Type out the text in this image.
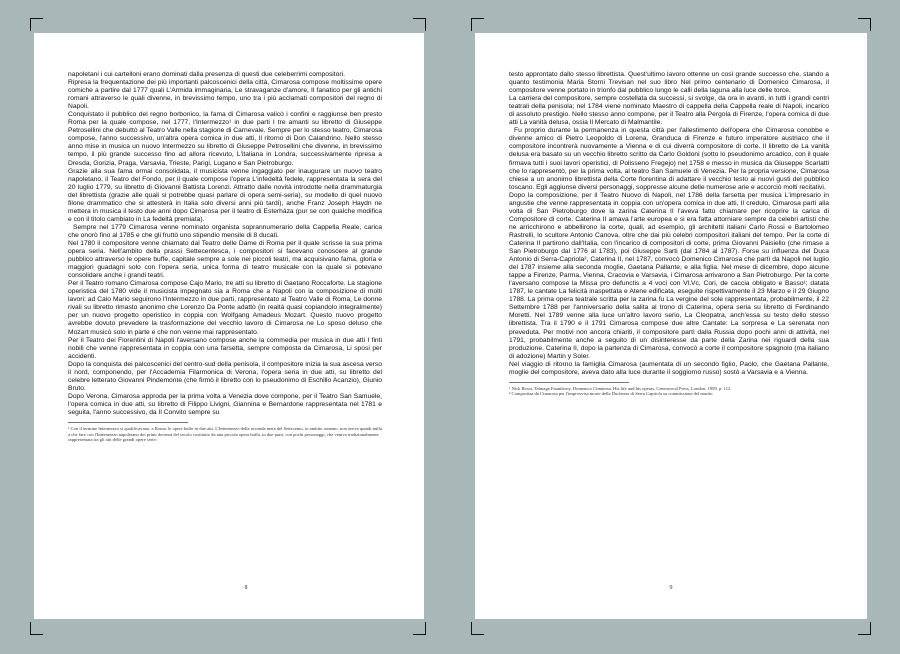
napoletani i cui cartelloni erano dominati dalla presenza di questi due celeberrimi compositori.

Ripresa la frequentazione dei più importanti palcoscenici della città, Cimarosa compose moltissime opere comiche a partire dal 1777 quali L'Armida immaginaria, Le stravaganze d'amore, Il fanatico per gli antichi romani attraverso le quali divenne, in brevissimo tempo, uno tra i più acclamati compositori del regno di Napoli.

Conquistato il pubblico del regno borbonico, la fama di Cimarosa valicò i confini e raggiunse ben presto Roma per la quale compose, nel 1777, l'Intermezzo¹ in due parti I tre amanti su libretto di Giuseppe Petrosellini che debuttò al Teatro Valle nella stagione di Carnevale. Sempre per lo stesso teatro, Cimarosa compose, l'anno successivo, un'altra opera comica in due atti, Il ritorno di Don Calandrino. Nello stesso anno mise in musica un nuovo Intermezzo su libretto di Giuseppe Petrosellini che divenne, in brevissimo tempo, il più grande successo fino ad allora ricevuto, L'italiana in Londra, successivamente ripresa a Dresda, Gorizia, Praga, Varsavia, Trieste, Parigi, Lugano e San Pietroburgo.

Grazie alla sua fama ormai consolidata, il musicista venne ingaggiato per inaugurare un nuovo teatro napoletano, il Teatro del Fondo, per il quale compose l'opera L'infedeltà fedele, rappresentata la sera del 20 luglio 1779, su libretto di Giovanni Battista Lorenzi. Attratto dalle novità introdotte nella drammaturgia del librettista (grazie alle quali si potrebbe quasi parlare di opera semi-seria), su modello di quel nuovo filone drammatico che si attesterà in Italia solo diversi anni più tardi), anche Franz Joseph Haydn ne mettera in musica il testo due anni dopo Cimarosa per il teatro di Esterháza (pur se con qualche modifica e con il titolo cambiato in La fedeltà premiata).

Sempre nel 1779 Cimarosa venne nominato organista soprannumerario della Cappella Reale, carica che onorò fino al 1785 e che gli fruttò uno stipendio mensile di 8 ducati.

Nel 1780 il compositore venne chiamato dal Teatro delle Dame di Roma per il quale scrisse la sua prima opera seria. Nell'ambito della prassi Settecentesca, i compositori si facevano conoscere al grande pubblico attraverso le opere buffe, capitale sempre a sole nei piccoli teatri, ma acquisivano fama, gloria e maggiori guadagni solo con l'opera seria, unica forma di teatro musicale con la quale si potevano consolidare anche i grandi teatri.

Per il Teatro romano Cimarosa compose Cajo Mario, tre atti su libretto di Gaetano Roccaforte. La stagione operistica del 1780 vide il musicista impegnato sia a Roma che a Napoli con la composizione di molti lavori: ad Caio Mario seguirono l'Intermezzo in due parti, rappresentato al Teatro Valle di Roma, Le donne rivali su libretto rimasto anonimo che Lorenzo Da Ponte adattò (in realtà quasi copiandolo integralmente) per un nuovo progetto operistico in coppia con Wolfgang Amadeus Mozart. Questo nuovo progetto avrebbe dovuto prevedere la trasformazione del vecchio lavoro di Cimarosa ne Lo sposo deluso che Mozart musicò solo in parte e che non venne mai rappresentato.

Per il Teatro dei Fiorentini di Napoli l'aversano compose anche la commedia per musica in due atti I finti nobili che venne rappresentata in coppia con una farsetta, sempre composta da Cimarosa, Li sposi per accidenti.

Dopo la conquista dei palcoscenici del centro-sud della penisola, il compositore inizia la sua ascesa verso il nord, componendo, per l'Accademia Filarmonica di Verona, l'opera seria in due atti, su libretto del celebre letterato Giovanni Pindemonte (che firmò il libretto con lo pseudonimo di Eschillo Acanzio), Giunio Bruto.

Dopo Verona, Cimarosa approda per la prima volta a Venezia dove compone, per il Teatro San Samuele, l'opera comica in due atti, su libretto di Filippo Livigni, Giannina e Bernardone rappresentata nel 1781 e seguita, l'anno successivo, da Il Convito sempre su

¹ Con il termine Intermezzo si qualificavano, a Roma, le opere buffe in due atti. L'Intermezzo della seconda metà del Settecento, in ambito romano, non aveva quindi nulla a che fare con l'Intermezzo napoletano dei primi decenni del secolo costituito da una piccola opera buffa, in due parti, con pochi personaggi, che veniva tradizionalmente rappresentata tra gli atti delle grandi opere serie.

8

testo approntato dallo stesso librettista. Quest'ultimo lavoro ottenne un così grande successo che, stando a quanto testimonia Maria Storni Trevisan nel suo libro Nel primo centenario di Domenico Cimarosa, il compositore venne portato in trionfo dal pubblico lungo le calli della laguna alla luce delle torce.

La carriera del compositore, sempre costellata da successi, si svolge, da ora in avanti, in tutti i grandi centri teatrali della penisola; nel 1784 viene nominato Maestro di cappella della Cappella reale di Napoli, incarico di assoluto prestigio. Nello stesso anno compone, per il Teatro alla Pergola di Firenze, l'opera comica di due atti La vanità delusa, ossia Il Mercato di Malmantile.

Fu proprio durante la permanenza in questa città per l'allestimento dell'opera che Cimarosa conobbe e divenne amico di Pietro Leopoldo di Lorena, Granduca di Firenze e futuro imperatore austriaco che il compositore incontrerà nuovamente a Vienna e di cui diverrà compositore di corte. Il libretto de La vanità delusa era basato su un vecchio libretto scritto da Carlo Goldoni (sotto lo pseudonimo arcadico, con il quale firmava tutti i suoi lavori operistici, di Polisseno Fregejo) nel 1758 e messo in musica da Giuseppe Scarlatti che lo rappresentò, per la prima volta, al teatro San Samuele di Venezia. Per la propria versione, Cimarosa chiese a un anonimo librettista della Corte fiorentina di adattare il vecchio testo ai nuovi gusti del pubblico toscano. Egli aggiunse diversi personaggi, soppresse alcune delle numerose arie e accorciò molti recitativi.

Dopo la composizione, per il Teatro Nuovo di Napoli, nel 1786 della farsetta per musica L'impresario in angustie che venne rappresentata in coppia con un'opera comica in due atti, Il credulo, Cimarosa partì alla volta di San Pietroburgo dove la zarina Caterina II l'aveva fatto chiamare per ricoprire la carica di Compositore di corte. Caterina II amava l'arte europea e si era fatta attorniare sempre da celebri artisti che ne arricchirono e abbellirono la corte, quali, ad esempio, gli architetti italiani Carlo Rossi e Bartolomeo Rastrelli, lo scultore Antonio Canova, oltre che dai più celebri compositori italiani del tempo. Per la corte di Caterina II partirono dall'Italia, con l'incarico di compositori di corte, prima Giovanni Paisiello (che rimase a San Pietroburgo dal 1776 al 1783), poi Giuseppe Sarti (dal 1784 al 1787). Forse su influenza del Duca Antonio di Serra-Capriola², Caterina II, nel 1787, convocò Domenico Cimarosa che partì da Napoli nel luglio del 1787 insieme alla seconda moglie, Gaetana Pallante, e alla figlia. Nel mese di dicembre, dopo alcune tappe a Firenze, Parma, Vienna, Cracovia e Varsavia, i Cimarosa arrivarono a San Pietroburgo. Per la corte l'aversano compose la Missa pro defunctis a 4 voci con Vl.Vc, Cori, de caccia obligato e Basso¹; datata 1787, le cantate La felicità inaspettata e Atene edificata, eseguite rispettivamente il 23 Marzo e il 29 Giugno 1788. La prima opera teatrale scritta per la zarina fu La vergine del sole rappresentata, probabilmente, il 22 Settembre 1788 per l'anniversario della salita al trono di Caterina, opera seria su libretto di Ferdinando Moretti. Nel 1789 venne alla luce un'altro lavoro serio, La Cleopatra, anch'essa su testo dello stesso librettista. Tra il 1790 e il 1791 Cimarosa compose due altre Cantate: La sorpresa e La serenata non preveduta. Per motivi non ancora chiariti, il compositore partì dalla Russia dopo pochi anni di attività, nel 1791, probabilmente anche a seguito di un disinteresse da parte della Zarina nei riguardi della sua produzione. Caterina II, dopo la partenza di Cimarosa, convocò a corte il compositore spagnolo (ma italiano di adozione) Martin y Soler.

Nel viaggio di ritorno la famiglia Cimarosa (aumentata di un secondo figlio, Paolo, che Gaetana Pallante, moglie del compositore, aveva dato alla luce durante il soggiorno russo) sostò a Varsavia e a Vienna.

¹ Nick Rossi, Talmage Fauntleroy, Domenico Cimarosa. His life and his operas. Greenwood Press, London, 1999, p. 112.

² Compositaa da Cimarosa per l'improvvisa morte della Duchessa di Serra Capriola su commissione del marito.

9
